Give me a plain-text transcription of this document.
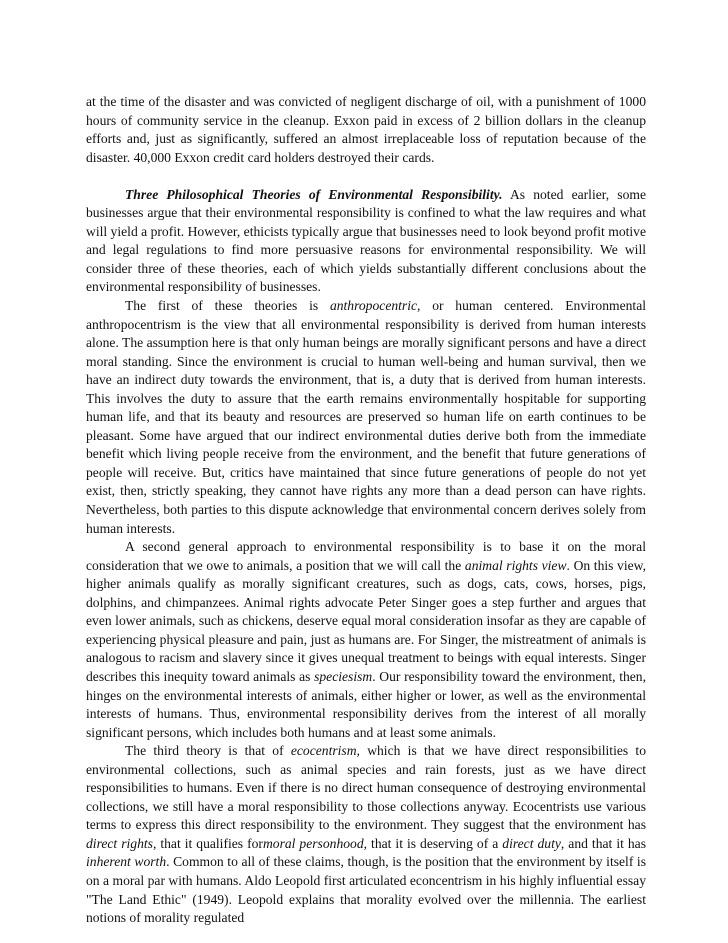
at the time of the disaster and was convicted of negligent discharge of oil, with a punishment of 1000 hours of community service in the cleanup. Exxon paid in excess of 2 billion dollars in the cleanup efforts and, just as significantly, suffered an almost irreplaceable loss of reputation because of the disaster. 40,000 Exxon credit card holders destroyed their cards.

Three Philosophical Theories of Environmental Responsibility. As noted earlier, some businesses argue that their environmental responsibility is confined to what the law requires and what will yield a profit. However, ethicists typically argue that businesses need to look beyond profit motive and legal regulations to find more persuasive reasons for environmental responsibility. We will consider three of these theories, each of which yields substantially different conclusions about the environmental responsibility of businesses.

The first of these theories is anthropocentric, or human centered. Environmental anthropocentrism is the view that all environmental responsibility is derived from human interests alone. The assumption here is that only human beings are morally significant persons and have a direct moral standing. Since the environment is crucial to human well-being and human survival, then we have an indirect duty towards the environment, that is, a duty that is derived from human interests. This involves the duty to assure that the earth remains environmentally hospitable for supporting human life, and that its beauty and resources are preserved so human life on earth continues to be pleasant. Some have argued that our indirect environmental duties derive both from the immediate benefit which living people receive from the environment, and the benefit that future generations of people will receive. But, critics have maintained that since future generations of people do not yet exist, then, strictly speaking, they cannot have rights any more than a dead person can have rights. Nevertheless, both parties to this dispute acknowledge that environmental concern derives solely from human interests.

A second general approach to environmental responsibility is to base it on the moral consideration that we owe to animals, a position that we will call the animal rights view. On this view, higher animals qualify as morally significant creatures, such as dogs, cats, cows, horses, pigs, dolphins, and chimpanzees. Animal rights advocate Peter Singer goes a step further and argues that even lower animals, such as chickens, deserve equal moral consideration insofar as they are capable of experiencing physical pleasure and pain, just as humans are. For Singer, the mistreatment of animals is analogous to racism and slavery since it gives unequal treatment to beings with equal interests. Singer describes this inequity toward animals as speciesism. Our responsibility toward the environment, then, hinges on the environmental interests of animals, either higher or lower, as well as the environmental interests of humans. Thus, environmental responsibility derives from the interest of all morally significant persons, which includes both humans and at least some animals.

The third theory is that of ecocentrism, which is that we have direct responsibilities to environmental collections, such as animal species and rain forests, just as we have direct responsibilities to humans. Even if there is no direct human consequence of destroying environmental collections, we still have a moral responsibility to those collections anyway. Ecocentrists use various terms to express this direct responsibility to the environment. They suggest that the environment has direct rights, that it qualifies formoral personhood, that it is deserving of a direct duty, and that it has inherent worth. Common to all of these claims, though, is the position that the environment by itself is on a moral par with humans. Aldo Leopold first articulated econcentrism in his highly influential essay "The Land Ethic" (1949). Leopold explains that morality evolved over the millennia. The earliest notions of morality regulated
